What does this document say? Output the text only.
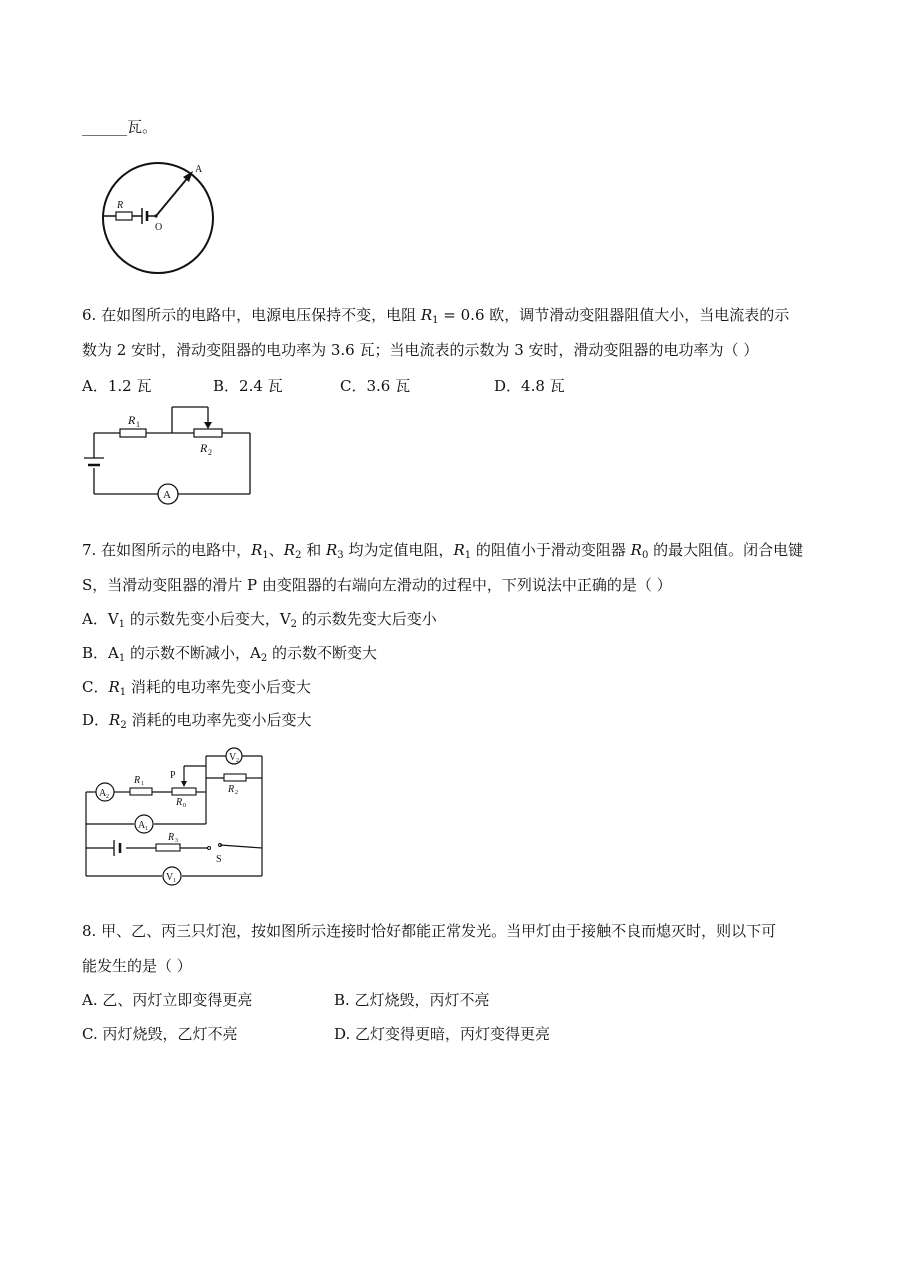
______瓦。
R
O
A
6. 在如图所示的电路中，电源电压保持不变，电阻 $R_1 = 0.6$ 欧，调节滑动变阻器阻值大小，当电流表的示
数为 2 安时，滑动变阻器的电功率为 3.6 瓦；当电流表的示数为 3 安时，滑动变阻器的电功率为（ ）
A．1.2 瓦	B．2.4 瓦	C．3.6 瓦	D．4.8 瓦
R 1
R 2
A
7. 在如图所示的电路中，$R_1$、$R_2$ 和 $R_3$ 均为定值电阻，$R_1$ 的阻值小于滑动变阻器 $R_0$ 的最大阻值。闭合电键
S，当滑动变阻器的滑片 P 由变阻器的右端向左滑动的过程中，下列说法中正确的是（ ）
A．$V_1$ 的示数先变小后变大，$V_2$ 的示数先变大后变小
B．$A_1$ 的示数不断减小，$A_2$ 的示数不断变大
C．$R_1$ 消耗的电功率先变小后变大
D．$R_2$ 消耗的电功率先变小后变大
A 2
A 1
V 2
V 1
R 1
P
R 0
R 2
R 3
S
8. 甲、乙、丙三只灯泡，按如图所示连接时恰好都能正常发光。当甲灯由于接触不良而熄灭时，则以下可
能发生的是（ ）
A. 乙、丙灯立即变得更亮	B. 乙灯烧毁，丙灯不亮
C. 丙灯烧毁，乙灯不亮	D. 乙灯变得更暗，丙灯变得更亮
